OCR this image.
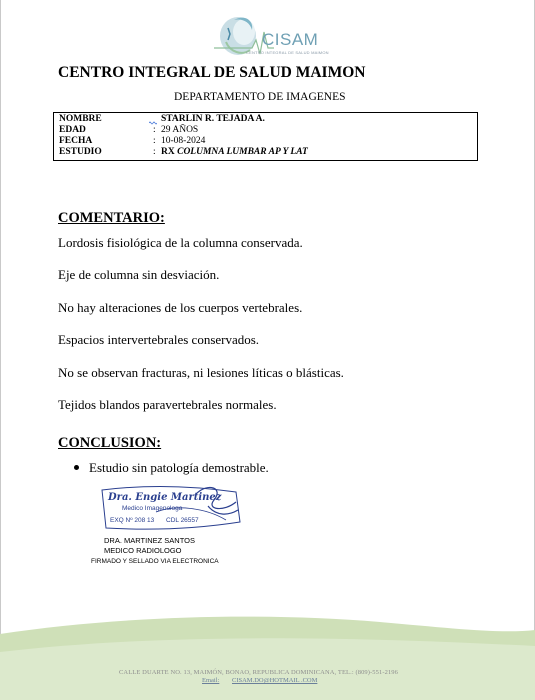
CISAM
CENTRO INTEGRAL DE SALUD MAIMON
CENTRO INTEGRAL DE SALUD MAIMON
DEPARTAMENTO DE IMAGENES
NOMBRE	STARLIN R. TEJADA A.
EDAD	: 29 AÑOS
FECHA	: 10-08-2024
ESTUDIO	: RX COLUMNA LUMBAR AP Y LAT
COMENTARIO:
Lordosis fisiológica de la columna conservada.
Eje de columna sin desviación.
No hay alteraciones de los cuerpos vertebrales.
Espacios intervertebrales conservados.
No se observan fracturas, ni lesiones líticas o blásticas.
Tejidos blandos paravertebrales normales.
CONCLUSION:
Estudio sin patología demostrable.
Dra. Engie Martinez
Medico Imagenologa
EXQ Nº 208 13 CDL 26557
DRA. MARTINEZ SANTOS
MEDICO RADIOLOGO
FIRMADO Y SELLADO VIA ELECTRONICA
CALLE DUARTE NO. 13, MAIMÓN, BONAO, REPUBLICA DOMINICANA, TEL.: (809)-551-2196
Email: CISAM.DO@HOTMAIL .COM
